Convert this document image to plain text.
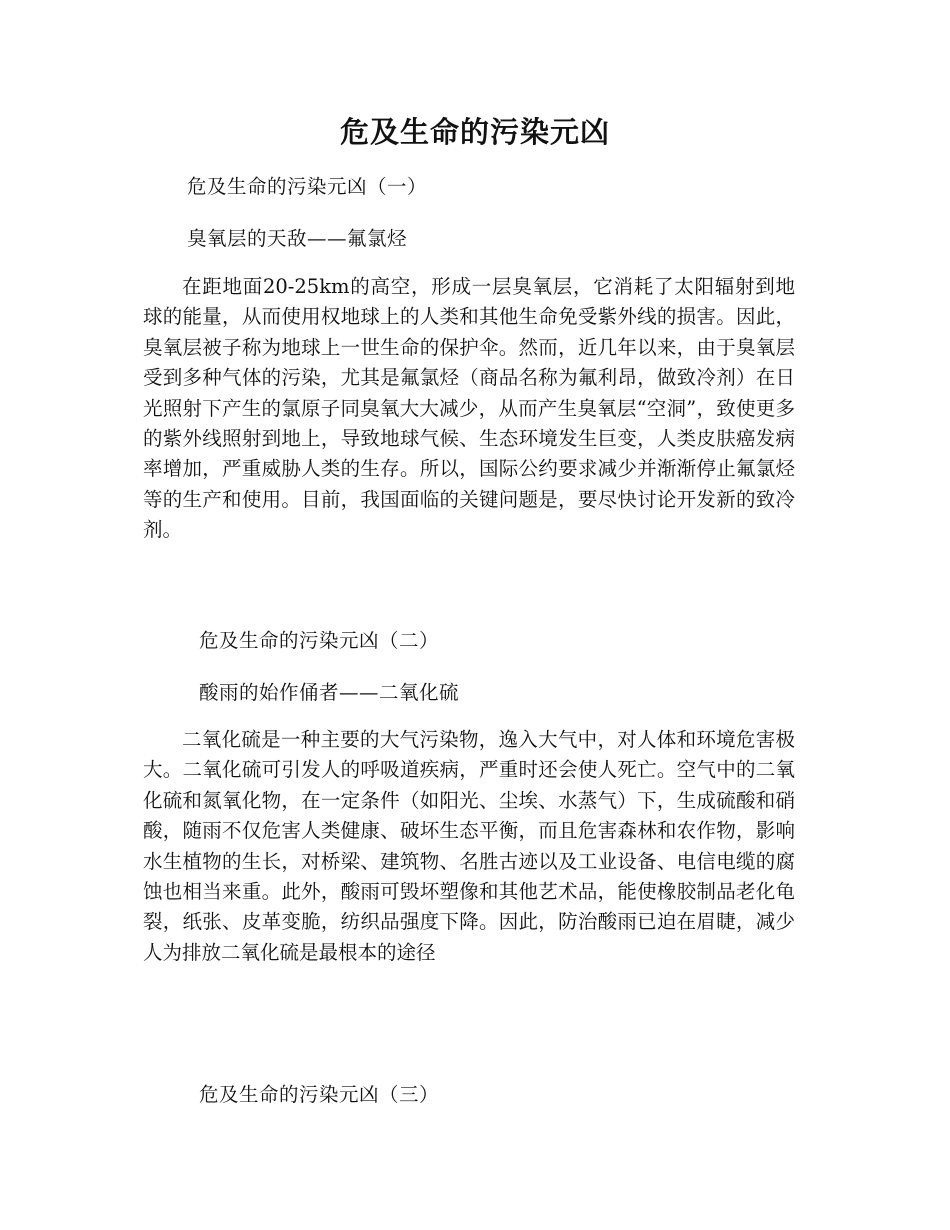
危及生命的污染元凶
危及生命的污染元凶（一）
臭氧层的天敌——氟氯烃

在距地面20-25km的高空，形成一层臭氧层，它消耗了太阳辐射到地球的能量，从而使用权地球上的人类和其他生命免受紫外线的损害。因此，臭氧层被子称为地球上一世生命的保护伞。然而，近几年以来，由于臭氧层受到多种气体的污染，尤其是氟氯烃（商品名称为氟利昂，做致冷剂）在日光照射下产生的氯原子同臭氧大大减少，从而产生臭氧层“空洞”，致使更多的紫外线照射到地上，导致地球气候、生态环境发生巨变，人类皮肤癌发病率增加，严重威胁人类的生存。所以，国际公约要求减少并渐渐停止氟氯烃等的生产和使用。目前，我国面临的关键问题是，要尽快讨论开发新的致冷剂。

危及生命的污染元凶（二）
酸雨的始作俑者——二氧化硫

二氧化硫是一种主要的大气污染物，逸入大气中，对人体和环境危害极大。二氧化硫可引发人的呼吸道疾病，严重时还会使人死亡。空气中的二氧化硫和氮氧化物，在一定条件（如阳光、尘埃、水蒸气）下，生成硫酸和硝酸，随雨不仅危害人类健康、破坏生态平衡，而且危害森林和农作物，影响水生植物的生长，对桥梁、建筑物、名胜古迹以及工业设备、电信电缆的腐蚀也相当来重。此外，酸雨可毁坏塑像和其他艺术品，能使橡胶制品老化龟裂，纸张、皮革变脆，纺织品强度下降。因此，防治酸雨已迫在眉睫，减少人为排放二氧化硫是最根本的途径

危及生命的污染元凶（三）
